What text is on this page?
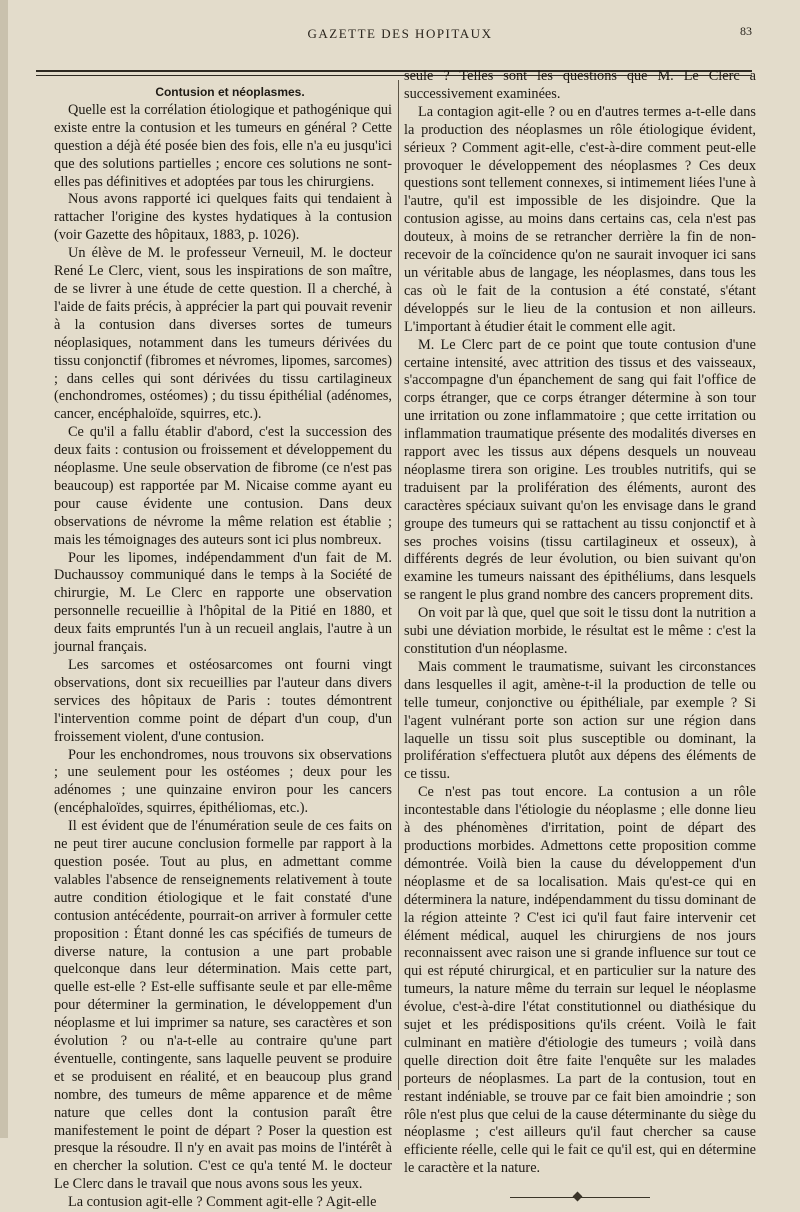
GAZETTE DES HOPITAUX	83

Contusion et néoplasmes.

Quelle est la corrélation étiologique et pathogénique qui existe entre la contusion et les tumeurs en général ? Cette question a déjà été posée bien des fois, elle n'a eu jusqu'ici que des solutions partielles ; encore ces solutions ne sont-elles pas définitives et adoptées par tous les chirurgiens.

Nous avons rapporté ici quelques faits qui tendaient à rattacher l'origine des kystes hydatiques à la contusion (voir Gazette des hôpitaux, 1883, p. 1026).

Un élève de M. le professeur Verneuil, M. le docteur René Le Clerc, vient, sous les inspirations de son maître, de se livrer à une étude de cette question. Il a cherché, à l'aide de faits précis, à apprécier la part qui pouvait revenir à la contusion dans diverses sortes de tumeurs néoplasiques, notamment dans les tumeurs dérivées du tissu conjonctif (fibromes et névromes, lipomes, sarcomes) ; dans celles qui sont dérivées du tissu cartilagineux (enchondromes, ostéomes) ; du tissu épithélial (adénomes, cancer, encéphaloïde, squirres, etc.).

Ce qu'il a fallu établir d'abord, c'est la succession des deux faits : contusion ou froissement et développement du néoplasme. Une seule observation de fibrome (ce n'est pas beaucoup) est rapportée par M. Nicaise comme ayant eu pour cause évidente une contusion. Dans deux observations de névrome la même relation est établie ; mais les témoignages des auteurs sont ici plus nombreux.

Pour les lipomes, indépendamment d'un fait de M. Duchaussoy communiqué dans le temps à la Société de chirurgie, M. Le Clerc en rapporte une observation personnelle recueillie à l'hôpital de la Pitié en 1880, et deux faits empruntés l'un à un recueil anglais, l'autre à un journal français.

Les sarcomes et ostéosarcomes ont fourni vingt observations, dont six recueillies par l'auteur dans divers services des hôpitaux de Paris : toutes démontrent l'intervention comme point de départ d'un coup, d'un froissement violent, d'une contusion.

Pour les enchondromes, nous trouvons six observations ; une seulement pour les ostéomes ; deux pour les adénomes ; une quinzaine environ pour les cancers (encéphaloïdes, squirres, épithéliomas, etc.).

Il est évident que de l'énumération seule de ces faits on ne peut tirer aucune conclusion formelle par rapport à la question posée. Tout au plus, en admettant comme valables l'absence de renseignements relativement à toute autre condition étiologique et le fait constaté d'une contusion antécédente, pourrait-on arriver à formuler cette proposition : Étant donné les cas spécifiés de tumeurs de diverse nature, la contusion a une part probable quelconque dans leur détermination. Mais cette part, quelle est-elle ? Est-elle suffisante seule et par elle-même pour déterminer la germination, le développement d'un néoplasme et lui imprimer sa nature, ses caractères et son évolution ? ou n'a-t-elle au contraire qu'une part éventuelle, contingente, sans laquelle peuvent se produire et se produisent en réalité, et en beaucoup plus grand nombre, des tumeurs de même apparence et de même nature que celles dont la contusion paraît être manifestement le point de départ ? Poser la question est presque la résoudre. Il n'y en avait pas moins de l'intérêt à en chercher la solution. C'est ce qu'a tenté M. le docteur Le Clerc dans le travail que nous avons sous les yeux.

La contusion agit-elle ? Comment agit-elle ? Agit-elle

seule ? Telles sont les questions que M. Le Clerc a successivement examinées.

La contagion agit-elle ? ou en d'autres termes a-t-elle dans la production des néoplasmes un rôle étiologique évident, sérieux ? Comment agit-elle, c'est-à-dire comment peut-elle provoquer le développement des néoplasmes ? Ces deux questions sont tellement connexes, si intimement liées l'une à l'autre, qu'il est impossible de les disjoindre. Que la contusion agisse, au moins dans certains cas, cela n'est pas douteux, à moins de se retrancher derrière la fin de non-recevoir de la coïncidence qu'on ne saurait invoquer ici sans un véritable abus de langage, les néoplasmes, dans tous les cas où le fait de la contusion a été constaté, s'étant développés sur le lieu de la contusion et non ailleurs. L'important à étudier était le comment elle agit.

M. Le Clerc part de ce point que toute contusion d'une certaine intensité, avec attrition des tissus et des vaisseaux, s'accompagne d'un épanchement de sang qui fait l'office de corps étranger, que ce corps étranger détermine à son tour une irritation ou zone inflammatoire ; que cette irritation ou inflammation traumatique présente des modalités diverses en rapport avec les tissus aux dépens desquels un nouveau néoplasme tirera son origine. Les troubles nutritifs, qui se traduisent par la prolifération des éléments, auront des caractères spéciaux suivant qu'on les envisage dans le grand groupe des tumeurs qui se rattachent au tissu conjonctif et à ses proches voisins (tissu cartilagineux et osseux), à différents degrés de leur évolution, ou bien suivant qu'on examine les tumeurs naissant des épithéliums, dans lesquels se rangent le plus grand nombre des cancers proprement dits.

On voit par là que, quel que soit le tissu dont la nutrition a subi une déviation morbide, le résultat est le même : c'est la constitution d'un néoplasme.

Mais comment le traumatisme, suivant les circonstances dans lesquelles il agit, amène-t-il la production de telle ou telle tumeur, conjonctive ou épithéliale, par exemple ? Si l'agent vulnérant porte son action sur une région dans laquelle un tissu soit plus susceptible ou dominant, la prolifération s'effectuera plutôt aux dépens des éléments de ce tissu.

Ce n'est pas tout encore. La contusion a un rôle incontestable dans l'étiologie du néoplasme ; elle donne lieu à des phénomènes d'irritation, point de départ des productions morbides. Admettons cette proposition comme démontrée. Voilà bien la cause du développement d'un néoplasme et de sa localisation. Mais qu'est-ce qui en déterminera la nature, indépendamment du tissu dominant de la région atteinte ? C'est ici qu'il faut faire intervenir cet élément médical, auquel les chirurgiens de nos jours reconnaissent avec raison une si grande influence sur tout ce qui est réputé chirurgical, et en particulier sur la nature des tumeurs, la nature même du terrain sur lequel le néoplasme évolue, c'est-à-dire l'état constitutionnel ou diathésique du sujet et les prédispositions qu'ils créent. Voilà le fait culminant en matière d'étiologie des tumeurs ; voilà dans quelle direction doit être faite l'enquête sur les malades porteurs de néoplasmes. La part de la contusion, tout en restant indéniable, se trouve par ce fait bien amoindrie ; son rôle n'est plus que celui de la cause déterminante du siège du néoplasme ; c'est ailleurs qu'il faut chercher sa cause efficiente réelle, celle qui le fait ce qu'il est, qui en détermine le caractère et la nature.
